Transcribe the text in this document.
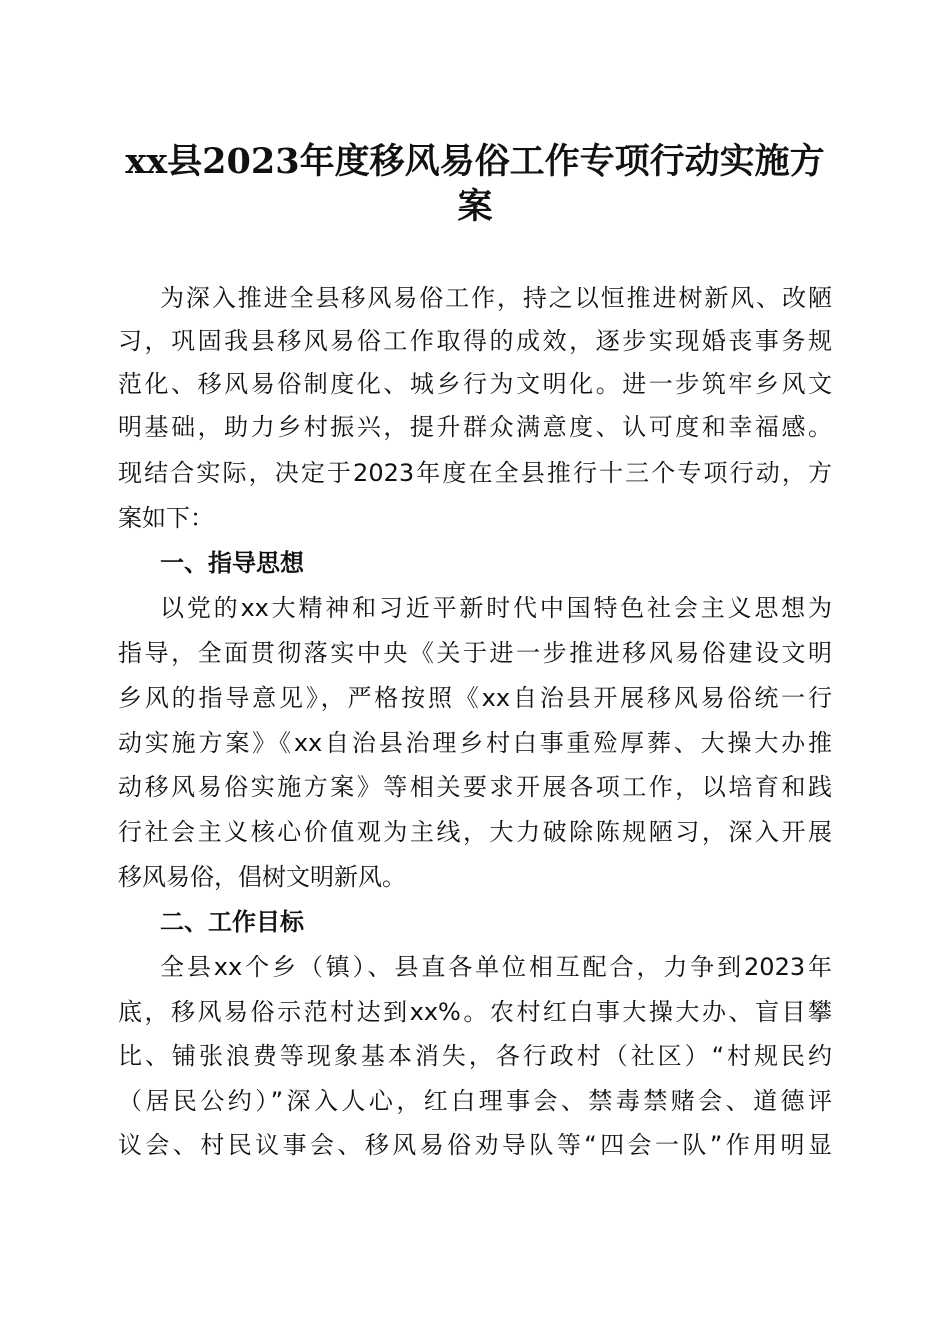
xx县2023年度移风易俗工作专项行动实施方
案

为深入推进全县移风易俗工作，持之以恒推进树新风、改陋

习，巩固我县移风易俗工作取得的成效，逐步实现婚丧事务规

范化、移风易俗制度化、城乡行为文明化。进一步筑牢乡风文

明基础，助力乡村振兴，提升群众满意度、认可度和幸福感。

现结合实际，决定于2023年度在全县推行十三个专项行动，方

案如下：

一、指导思想

以党的xx大精神和习近平新时代中国特色社会主义思想为

指导，全面贯彻落实中央《关于进一步推进移风易俗建设文明

乡风的指导意见》，严格按照《xx自治县开展移风易俗统一行

动实施方案》《xx自治县治理乡村白事重殓厚葬、大操大办推

动移风易俗实施方案》等相关要求开展各项工作，以培育和践

行社会主义核心价值观为主线，大力破除陈规陋习，深入开展

移风易俗，倡树文明新风。

二、工作目标

全县xx个乡（镇）、县直各单位相互配合，力争到2023年

底，移风易俗示范村达到xx%。农村红白事大操大办、盲目攀

比、铺张浪费等现象基本消失，各行政村（社区）“村规民约

（居民公约）”深入人心，红白理事会、禁毒禁赌会、道德评

议会、村民议事会、移风易俗劝导队等“四会一队”作用明显
